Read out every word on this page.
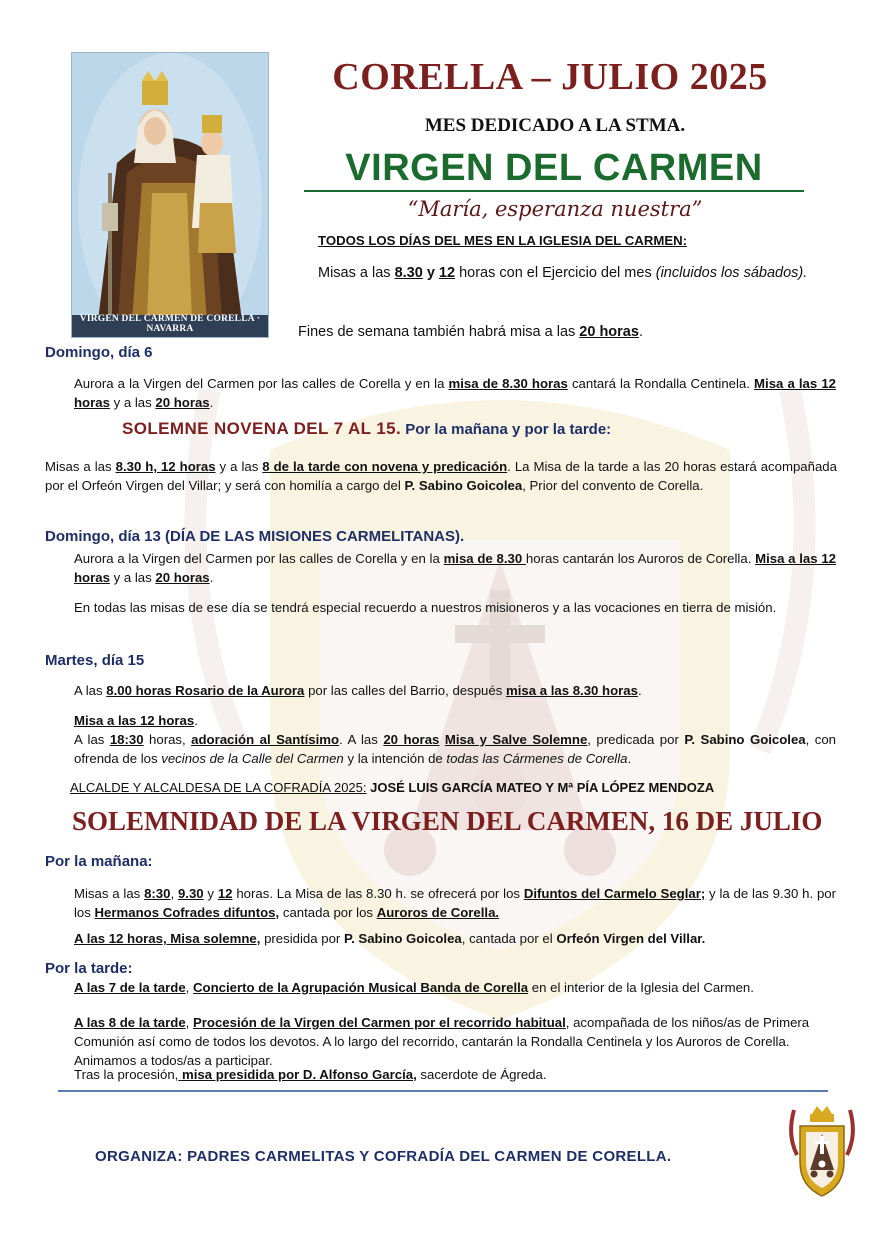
VIRGEN DEL CARMEN DE CORELLA · NAVARRA
CORELLA – JULIO 2025
MES DEDICADO A LA STMA.
VIRGEN DEL CARMEN
“María, esperanza nuestra”
TODOS LOS DÍAS DEL MES EN LA IGLESIA DEL CARMEN:
Misas a las 8.30 y 12 horas con el Ejercicio del mes (incluidos los sábados).
Fines de semana también habrá misa a las 20 horas.
Domingo, día 6
Aurora a la Virgen del Carmen por las calles de Corella y en la misa de 8.30 horas cantará la Rondalla Centinela. Misa a las 12 horas y a las 20 horas.
SOLEMNE NOVENA DEL 7 AL 15. Por la mañana y por la tarde:
Misas a las 8.30 h, 12 horas y a las 8 de la tarde con novena y predicación. La Misa de la tarde a las 20 horas estará acompañada por el Orfeón Virgen del Villar; y será con homilía a cargo del P. Sabino Goicolea, Prior del convento de Corella.
Domingo, día 13 (DÍA DE LAS MISIONES CARMELITANAS).
Aurora a la Virgen del Carmen por las calles de Corella y en la misa de 8.30 horas cantarán los Auroros de Corella. Misa a las 12 horas y a las 20 horas.
En todas las misas de ese día se tendrá especial recuerdo a nuestros misioneros y a las vocaciones en tierra de misión.
Martes, día 15
A las 8.00 horas Rosario de la Aurora por las calles del Barrio, después misa a las 8.30 horas.
Misa a las 12 horas.
A las 18:30 horas, adoración al Santísimo. A las 20 horas Misa y Salve Solemne, predicada por P. Sabino Goicolea, con ofrenda de los vecinos de la Calle del Carmen y la intención de todas las Cármenes de Corella.
ALCALDE Y ALCALDESA DE LA COFRADÍA 2025: JOSÉ LUIS GARCÍA MATEO Y Mª PÍA LÓPEZ MENDOZA
SOLEMNIDAD DE LA VIRGEN DEL CARMEN, 16 DE JULIO
Por la mañana:
Misas a las 8:30, 9.30 y 12 horas. La Misa de las 8.30 h. se ofrecerá por los Difuntos del Carmelo Seglar; y la de las 9.30 h. por los Hermanos Cofrades difuntos, cantada por los Auroros de Corella.
A las 12 horas, Misa solemne, presidida por P. Sabino Goicolea, cantada por el Orfeón Virgen del Villar.
Por la tarde:
A las 7 de la tarde, Concierto de la Agrupación Musical Banda de Corella en el interior de la Iglesia del Carmen.
A las 8 de la tarde, Procesión de la Virgen del Carmen por el recorrido habitual, acompañada de los niños/as de Primera Comunión así como de todos los devotos. A lo largo del recorrido, cantarán la Rondalla Centinela y los Auroros de Corella. Animamos a todos/as a participar.
Tras la procesión, misa presidida por D. Alfonso García, sacerdote de Ágreda.
ORGANIZA: PADRES CARMELITAS Y COFRADÍA DEL CARMEN DE CORELLA.
